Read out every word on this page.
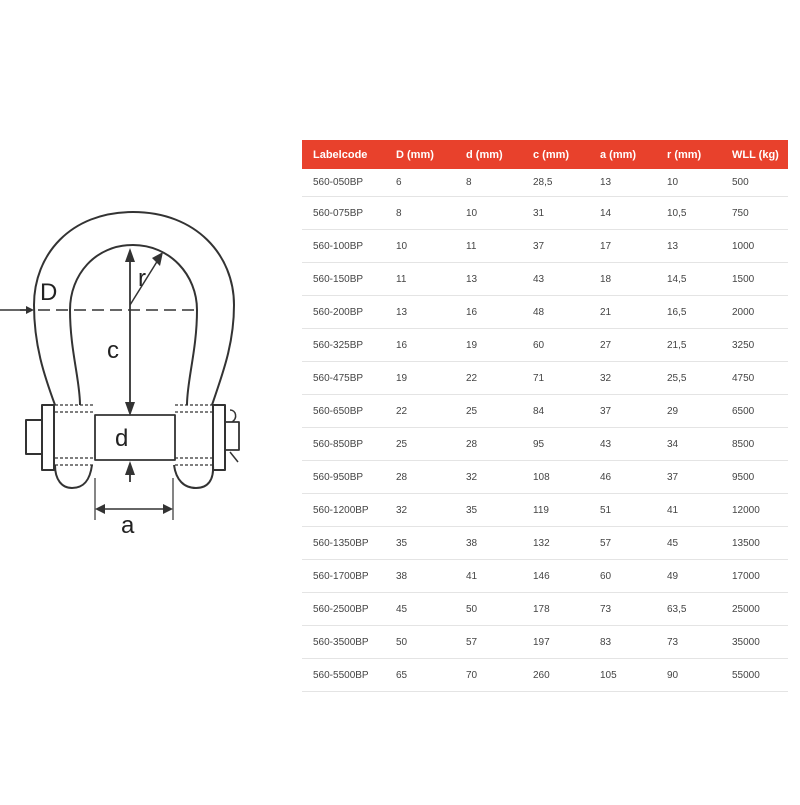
D
r
c
d
a
Labelcode	D (mm)	d (mm)	c (mm)	a (mm)	r (mm)	WLL (kg)
560-050BP	6	8	28,5	13	10	500
560-075BP	8	10	31	14	10,5	750
560-100BP	10	11	37	17	13	1000
560-150BP	11	13	43	18	14,5	1500
560-200BP	13	16	48	21	16,5	2000
560-325BP	16	19	60	27	21,5	3250
560-475BP	19	22	71	32	25,5	4750
560-650BP	22	25	84	37	29	6500
560-850BP	25	28	95	43	34	8500
560-950BP	28	32	108	46	37	9500
560-1200BP	32	35	119	51	41	12000
560-1350BP	35	38	132	57	45	13500
560-1700BP	38	41	146	60	49	17000
560-2500BP	45	50	178	73	63,5	25000
560-3500BP	50	57	197	83	73	35000
560-5500BP	65	70	260	105	90	55000
